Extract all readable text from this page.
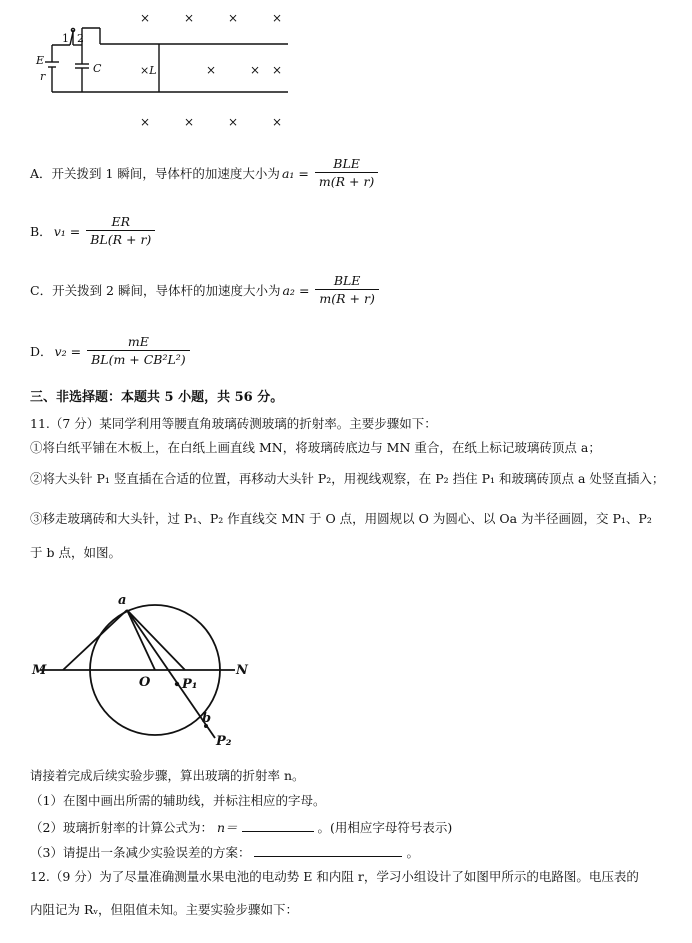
×	×	×	×
×	× ×
×	×	×	×
1 2
E
r
C	×L
A．开关拨到 1 瞬间，导体杆的加速度大小为 $a_1 = \frac{\text{BLE}}{m(R + r)}$
B． $v_1 = \frac{ER}{BL(R + r)}$
C．开关拨到 2 瞬间，导体杆的加速度大小为 $a_2 = \frac{\text{BLE}}{m(R + r)}$
D． $v_2 = \frac{mE}{\text{BL(m + CB²L²)}}$
三、非选择题：本题共 5 小题，共 56 分。
11.（7 分）某同学利用等腰直角玻璃砖测玻璃的折射率。主要步骤如下：
①将白纸平铺在木板上，在白纸上画直线 MN，将玻璃砖底边与 MN 重合，在纸上标记玻璃砖顶点 a；
②将大头针 P₁ 竖直插在合适的位置，再移动大头针 P₂，用视线观察，在 P₂ 挡住 P₁ 和玻璃砖顶点 a 处竖直插入；
③移走玻璃砖和大头针，过 P₁、P₂ 作直线交 MN 于 O 点，用圆规以 O 为圆心、以 Oa 为半径画圆，交 P₁、P₂
于 b 点，如图。
a
M	N
O P₁
b
P₂
请接着完成后续实验步骤，算出玻璃的折射率 n。
（1）在图中画出所需的辅助线，并标注相应的字母。
（2）玻璃折射率的计算公式为： n＝	。(用相应字母符号表示)
（3）请提出一条减少实验误差的方案：	。
12.（9 分）为了尽量准确测量水果电池的电动势 E 和内阻 r，学习小组设计了如图甲所示的电路图。电压表的
内阻记为 Rᵥ，但阻值未知。主要实验步骤如下：
